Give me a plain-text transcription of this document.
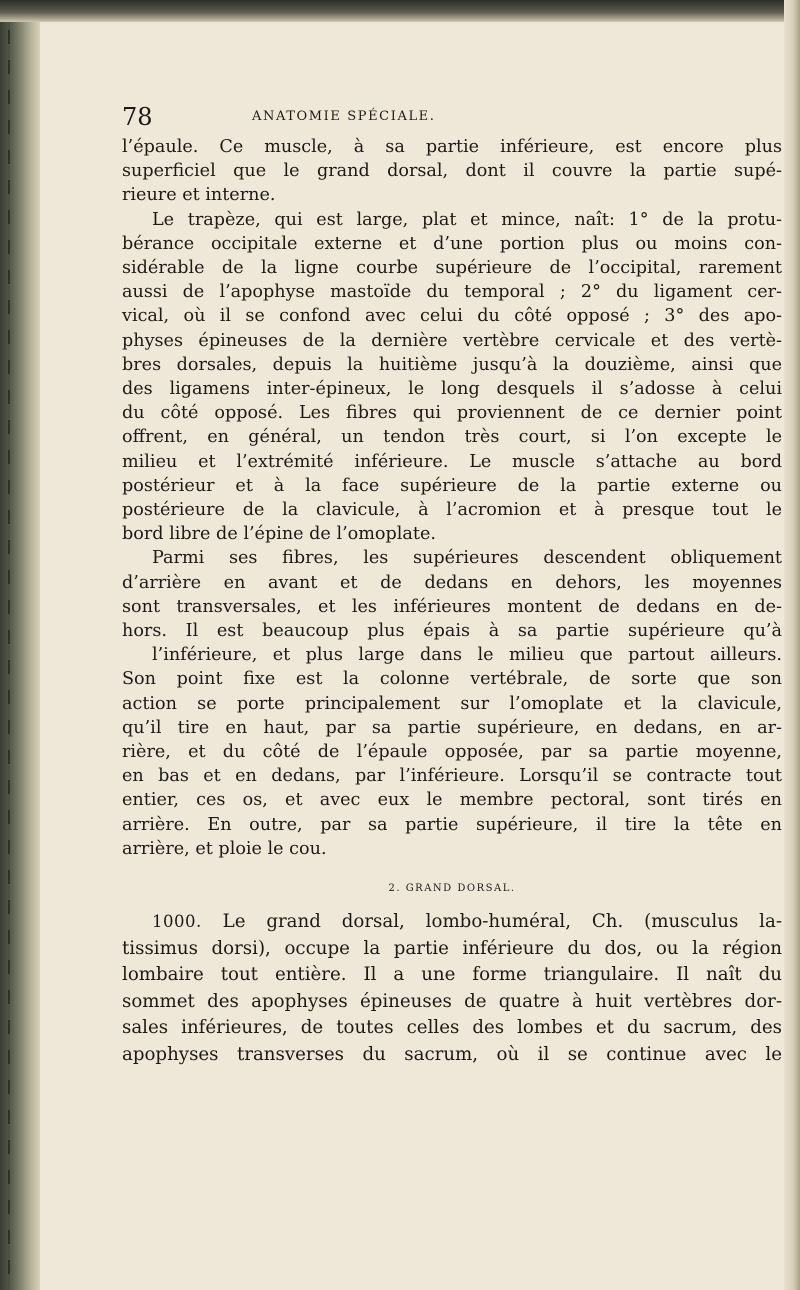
78	ANATOMIE SPÉCIALE.
l’épaule. Ce muscle, à sa partie inférieure, est encore plus
superficiel que le grand dorsal, dont il couvre la partie supé-
rieure et interne.
Le trapèze, qui est large, plat et mince, naît: 1° de la protu-
bérance occipitale externe et d’une portion plus ou moins con-
sidérable de la ligne courbe supérieure de l’occipital, rarement
aussi de l’apophyse mastoïde du temporal ; 2° du ligament cer-
vical, où il se confond avec celui du côté opposé ; 3° des apo-
physes épineuses de la dernière vertèbre cervicale et des vertè-
bres dorsales, depuis la huitième jusqu’à la douzième, ainsi que
des ligamens inter-épineux, le long desquels il s’adosse à celui
du côté opposé. Les fibres qui proviennent de ce dernier point
offrent, en général, un tendon très court, si l’on excepte le
milieu et l’extrémité inférieure. Le muscle s’attache au bord
postérieur et à la face supérieure de la partie externe ou
postérieure de la clavicule, à l’acromion et à presque tout le
bord libre de l’épine de l’omoplate.
Parmi ses fibres, les supérieures descendent obliquement
d’arrière en avant et de dedans en dehors, les moyennes
sont transversales, et les inférieures montent de dedans en de-
hors. Il est beaucoup plus épais à sa partie supérieure qu’à
l’inférieure, et plus large dans le milieu que partout ailleurs.
Son point fixe est la colonne vertébrale, de sorte que son
action se porte principalement sur l’omoplate et la clavicule,
qu’il tire en haut, par sa partie supérieure, en dedans, en ar-
rière, et du côté de l’épaule opposée, par sa partie moyenne,
en bas et en dedans, par l’inférieure. Lorsqu’il se contracte tout
entier, ces os, et avec eux le membre pectoral, sont tirés en
arrière. En outre, par sa partie supérieure, il tire la tête en
arrière, et ploie le cou.
2. GRAND DORSAL.
1000. Le grand dorsal, lombo-huméral, Ch. (musculus la-
tissimus dorsi), occupe la partie inférieure du dos, ou la région
lombaire tout entière. Il a une forme triangulaire. Il naît du
sommet des apophyses épineuses de quatre à huit vertèbres dor-
sales inférieures, de toutes celles des lombes et du sacrum, des
apophyses transverses du sacrum, où il se continue avec le
